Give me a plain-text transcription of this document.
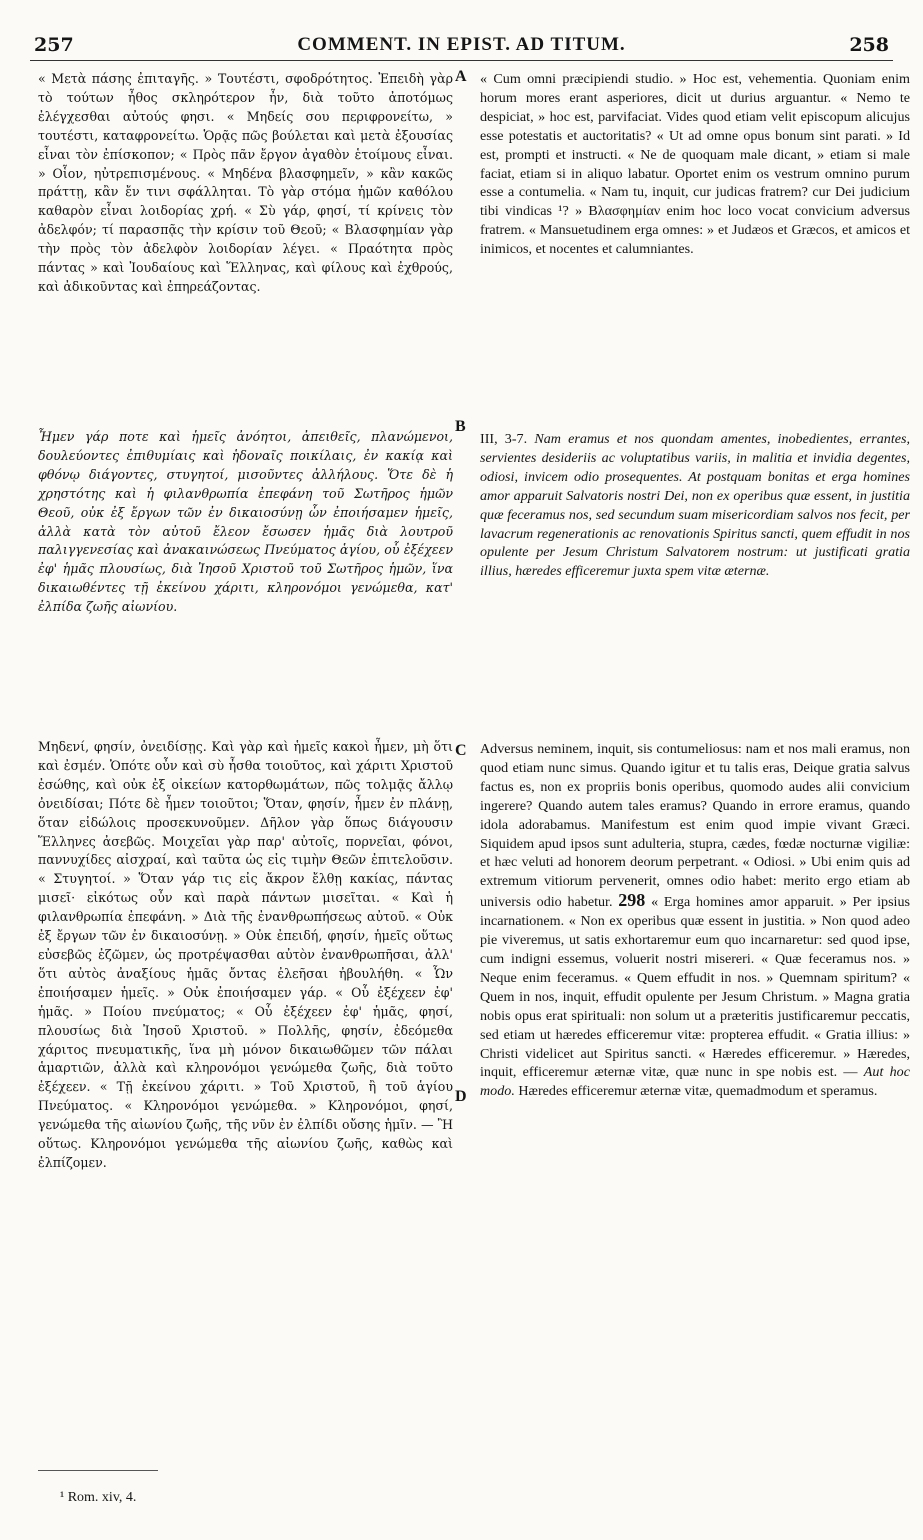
257	COMMENT. IN EPIST. AD TITUM.	258

« Μετὰ πάσης ἐπιταγῆς. » Τουτέστι, σφοδρότητος. Ἐπειδὴ γὰρ τὸ τούτων ἦθος σκληρότερον ἦν, διὰ τοῦτο ἀποτόμως ἐλέγχεσθαι αὐτούς φησι. « Μηδείς σου περιφρονείτω, » τουτέστι, καταφρονείτω. Ὁρᾷς πῶς βούλεται καὶ μετὰ ἐξουσίας εἶναι τὸν ἐπίσκοπον; « Πρὸς πᾶν ἔργον ἀγαθὸν ἑτοίμους εἶναι. » Οἷον, ηὐτρεπισμένους. « Μηδένα βλασφημεῖν, » κἂν κακῶς πράττῃ, κἂν ἔν τινι σφάλληται. Τὸ γὰρ στόμα ἡμῶν καθόλου καθαρὸν εἶναι λοιδορίας χρή. « Σὺ γάρ, φησί, τί κρίνεις τὸν ἀδελφόν; τί παρασπᾷς τὴν κρίσιν τοῦ Θεοῦ; « Βλασφημίαν γὰρ τὴν πρὸς τὸν ἀδελφὸν λοιδορίαν λέγει. « Πραότητα πρὸς πάντας » καὶ Ἰουδαίους καὶ Ἕλληνας, καὶ φίλους καὶ ἐχθρούς, καὶ ἀδικοῦντας καὶ ἐπηρεάζοντας.

Ἦμεν γάρ ποτε καὶ ἡμεῖς ἀνόητοι, ἀπειθεῖς, πλανώμενοι, δουλεύοντες ἐπιθυμίαις καὶ ἡδοναῖς ποικίλαις, ἐν κακίᾳ καὶ φθόνῳ διάγοντες, στυγητοί, μισοῦντες ἀλλήλους. Ὅτε δὲ ἡ χρηστότης καὶ ἡ φιλανθρωπία ἐπεφάνη τοῦ Σωτῆρος ἡμῶν Θεοῦ, οὐκ ἐξ ἔργων τῶν ἐν δικαιοσύνῃ ὧν ἐποιήσαμεν ἡμεῖς, ἀλλὰ κατὰ τὸν αὐτοῦ ἔλεον ἔσωσεν ἡμᾶς διὰ λουτροῦ παλιγγενεσίας καὶ ἀνακαινώσεως Πνεύματος ἁγίου, οὗ ἐξέχεεν ἐφ' ἡμᾶς πλουσίως, διὰ Ἰησοῦ Χριστοῦ τοῦ Σωτῆρος ἡμῶν, ἵνα δικαιωθέντες τῇ ἐκείνου χάριτι, κληρονόμοι γενώμεθα, κατ' ἐλπίδα ζωῆς αἰωνίου.

Μηδενί, φησίν, ὀνειδίσῃς. Καὶ γὰρ καὶ ἡμεῖς κακοὶ ἦμεν, μὴ ὅτι καὶ ἐσμέν. Ὁπότε οὖν καὶ σὺ ἦσθα τοιοῦτος, καὶ χάριτι Χριστοῦ ἐσώθης, καὶ οὐκ ἐξ οἰκείων κατορθωμάτων, πῶς τολμᾷς ἄλλῳ ὀνειδίσαι; Πότε δὲ ἦμεν τοιοῦτοι; Ὅταν, φησίν, ἦμεν ἐν πλάνῃ, ὅταν εἰδώλοις προσεκυνοῦμεν. Δῆλον γὰρ ὅπως διάγουσιν Ἕλληνες ἀσεβῶς. Μοιχεῖαι γὰρ παρ' αὐτοῖς, πορνεῖαι, φόνοι, παννυχίδες αἰσχραί, καὶ ταῦτα ὡς εἰς τιμὴν Θεῶν ἐπιτελοῦσιν. « Στυγητοί. » Ὅταν γάρ τις εἰς ἄκρον ἔλθῃ κακίας, πάντας μισεῖ· εἰκότως οὖν καὶ παρὰ πάντων μισεῖται. « Καὶ ἡ φιλανθρωπία ἐπεφάνη. » Διὰ τῆς ἐνανθρωπήσεως αὐτοῦ. « Οὐκ ἐξ ἔργων τῶν ἐν δικαιοσύνῃ. » Οὐκ ἐπειδή, φησίν, ἡμεῖς οὕτως εὐσεβῶς ἐζῶμεν, ὡς προτρέψασθαι αὐτὸν ἐνανθρωπῆσαι, ἀλλ' ὅτι αὐτὸς ἀναξίους ἡμᾶς ὄντας ἐλεῆσαι ἠβουλήθη. « Ὧν ἐποιήσαμεν ἡμεῖς. » Οὐκ ἐποιήσαμεν γάρ. « Οὗ ἐξέχεεν ἐφ' ἡμᾶς. » Ποίου πνεύματος; « Οὗ ἐξέχεεν ἐφ' ἡμᾶς, φησί, πλουσίως διὰ Ἰησοῦ Χριστοῦ. » Πολλῆς, φησίν, ἐδεόμεθα χάριτος πνευματικῆς, ἵνα μὴ μόνον δικαιωθῶμεν τῶν πάλαι ἁμαρτιῶν, ἀλλὰ καὶ κληρονόμοι γενώμεθα ζωῆς, διὰ τοῦτο ἐξέχεεν. « Τῇ ἐκείνου χάριτι. » Τοῦ Χριστοῦ, ἢ τοῦ ἁγίου Πνεύματος. « Κληρονόμοι γενώμεθα. » Κληρονόμοι, φησί, γενώμεθα τῆς αἰωνίου ζωῆς, τῆς νῦν ἐν ἐλπίδι οὔσης ἡμῖν. — Ἢ οὕτως. Κληρονόμοι γενώμεθα τῆς αἰωνίου ζωῆς, καθὼς καὶ ἐλπίζομεν.

A
B
C
D

« Cum omni præcipiendi studio. » Hoc est, vehementia. Quoniam enim horum mores erant asperiores, dicit ut durius arguantur. « Nemo te despiciat, » hoc est, parvifaciat. Vides quod etiam velit episcopum alicujus esse potestatis et auctoritatis? « Ut ad omne opus bonum sint parati. » Id est, prompti et instructi. « Ne de quoquam male dicant, » etiam si male faciat, etiam si in aliquo labatur. Oportet enim os vestrum omnino purum esse a contumelia. « Nam tu, inquit, cur judicas fratrem? cur Dei judicium tibi vindicas ¹? » Βλασφημίαν enim hoc loco vocat convicium adversus fratrem. « Mansuetudinem erga omnes: » et Judæos et Græcos, et amicos et inimicos, et nocentes et calumniantes.

III, 3-7. Nam eramus et nos quondam amentes, inobedientes, errantes, servientes desideriis ac voluptatibus variis, in malitia et invidia degentes, odiosi, invicem odio prosequentes. At postquam bonitas et erga homines amor apparuit Salvatoris nostri Dei, non ex operibus quæ essent, in justitia quæ feceramus nos, sed secundum suam misericordiam salvos nos fecit, per lavacrum regenerationis ac renovationis Spiritus sancti, quem effudit in nos opulente per Jesum Christum Salvatorem nostrum: ut justificati gratia illius, hæredes efficeremur juxta spem vitæ æternæ.

Adversus neminem, inquit, sis contumeliosus: nam et nos mali eramus, non quod etiam nunc simus. Quando igitur et tu talis eras, Deique gratia salvus factus es, non ex propriis bonis operibus, quomodo audes alii convicium ingerere? Quando autem tales eramus? Quando in errore eramus, quando idola adorabamus. Manifestum est enim quod impie vivant Græci. Siquidem apud ipsos sunt adulteria, stupra, cædes, fœdæ nocturnæ vigiliæ: et hæc veluti ad honorem deorum perpetrant. « Odiosi. » Ubi enim quis ad extremum vitiorum pervenerit, omnes odio habet: merito ergo etiam ab universis odio habetur. 298 « Erga homines amor apparuit. » Per ipsius incarnationem. « Non ex operibus quæ essent in justitia. » Non quod adeo pie viveremus, ut satis exhortaremur eum quo incarnaretur: sed quod ipse, cum indigni essemus, voluerit nostri misereri. « Quæ feceramus nos. » Neque enim feceramus. « Quem effudit in nos. » Quemnam spiritum? « Quem in nos, inquit, effudit opulente per Jesum Christum. » Magna gratia nobis opus erat spirituali: non solum ut a præteritis justificaremur peccatis, sed etiam ut hæredes efficeremur vitæ: propterea effudit. « Gratia illius: » Christi videlicet aut Spiritus sancti. « Hæredes efficeremur. » Hæredes, inquit, efficeremur æternæ vitæ, quæ nunc in spe nobis est. — Aut hoc modo. Hæredes efficeremur æternæ vitæ, quemadmodum et speramus.

¹ Rom. xiv, 4.
